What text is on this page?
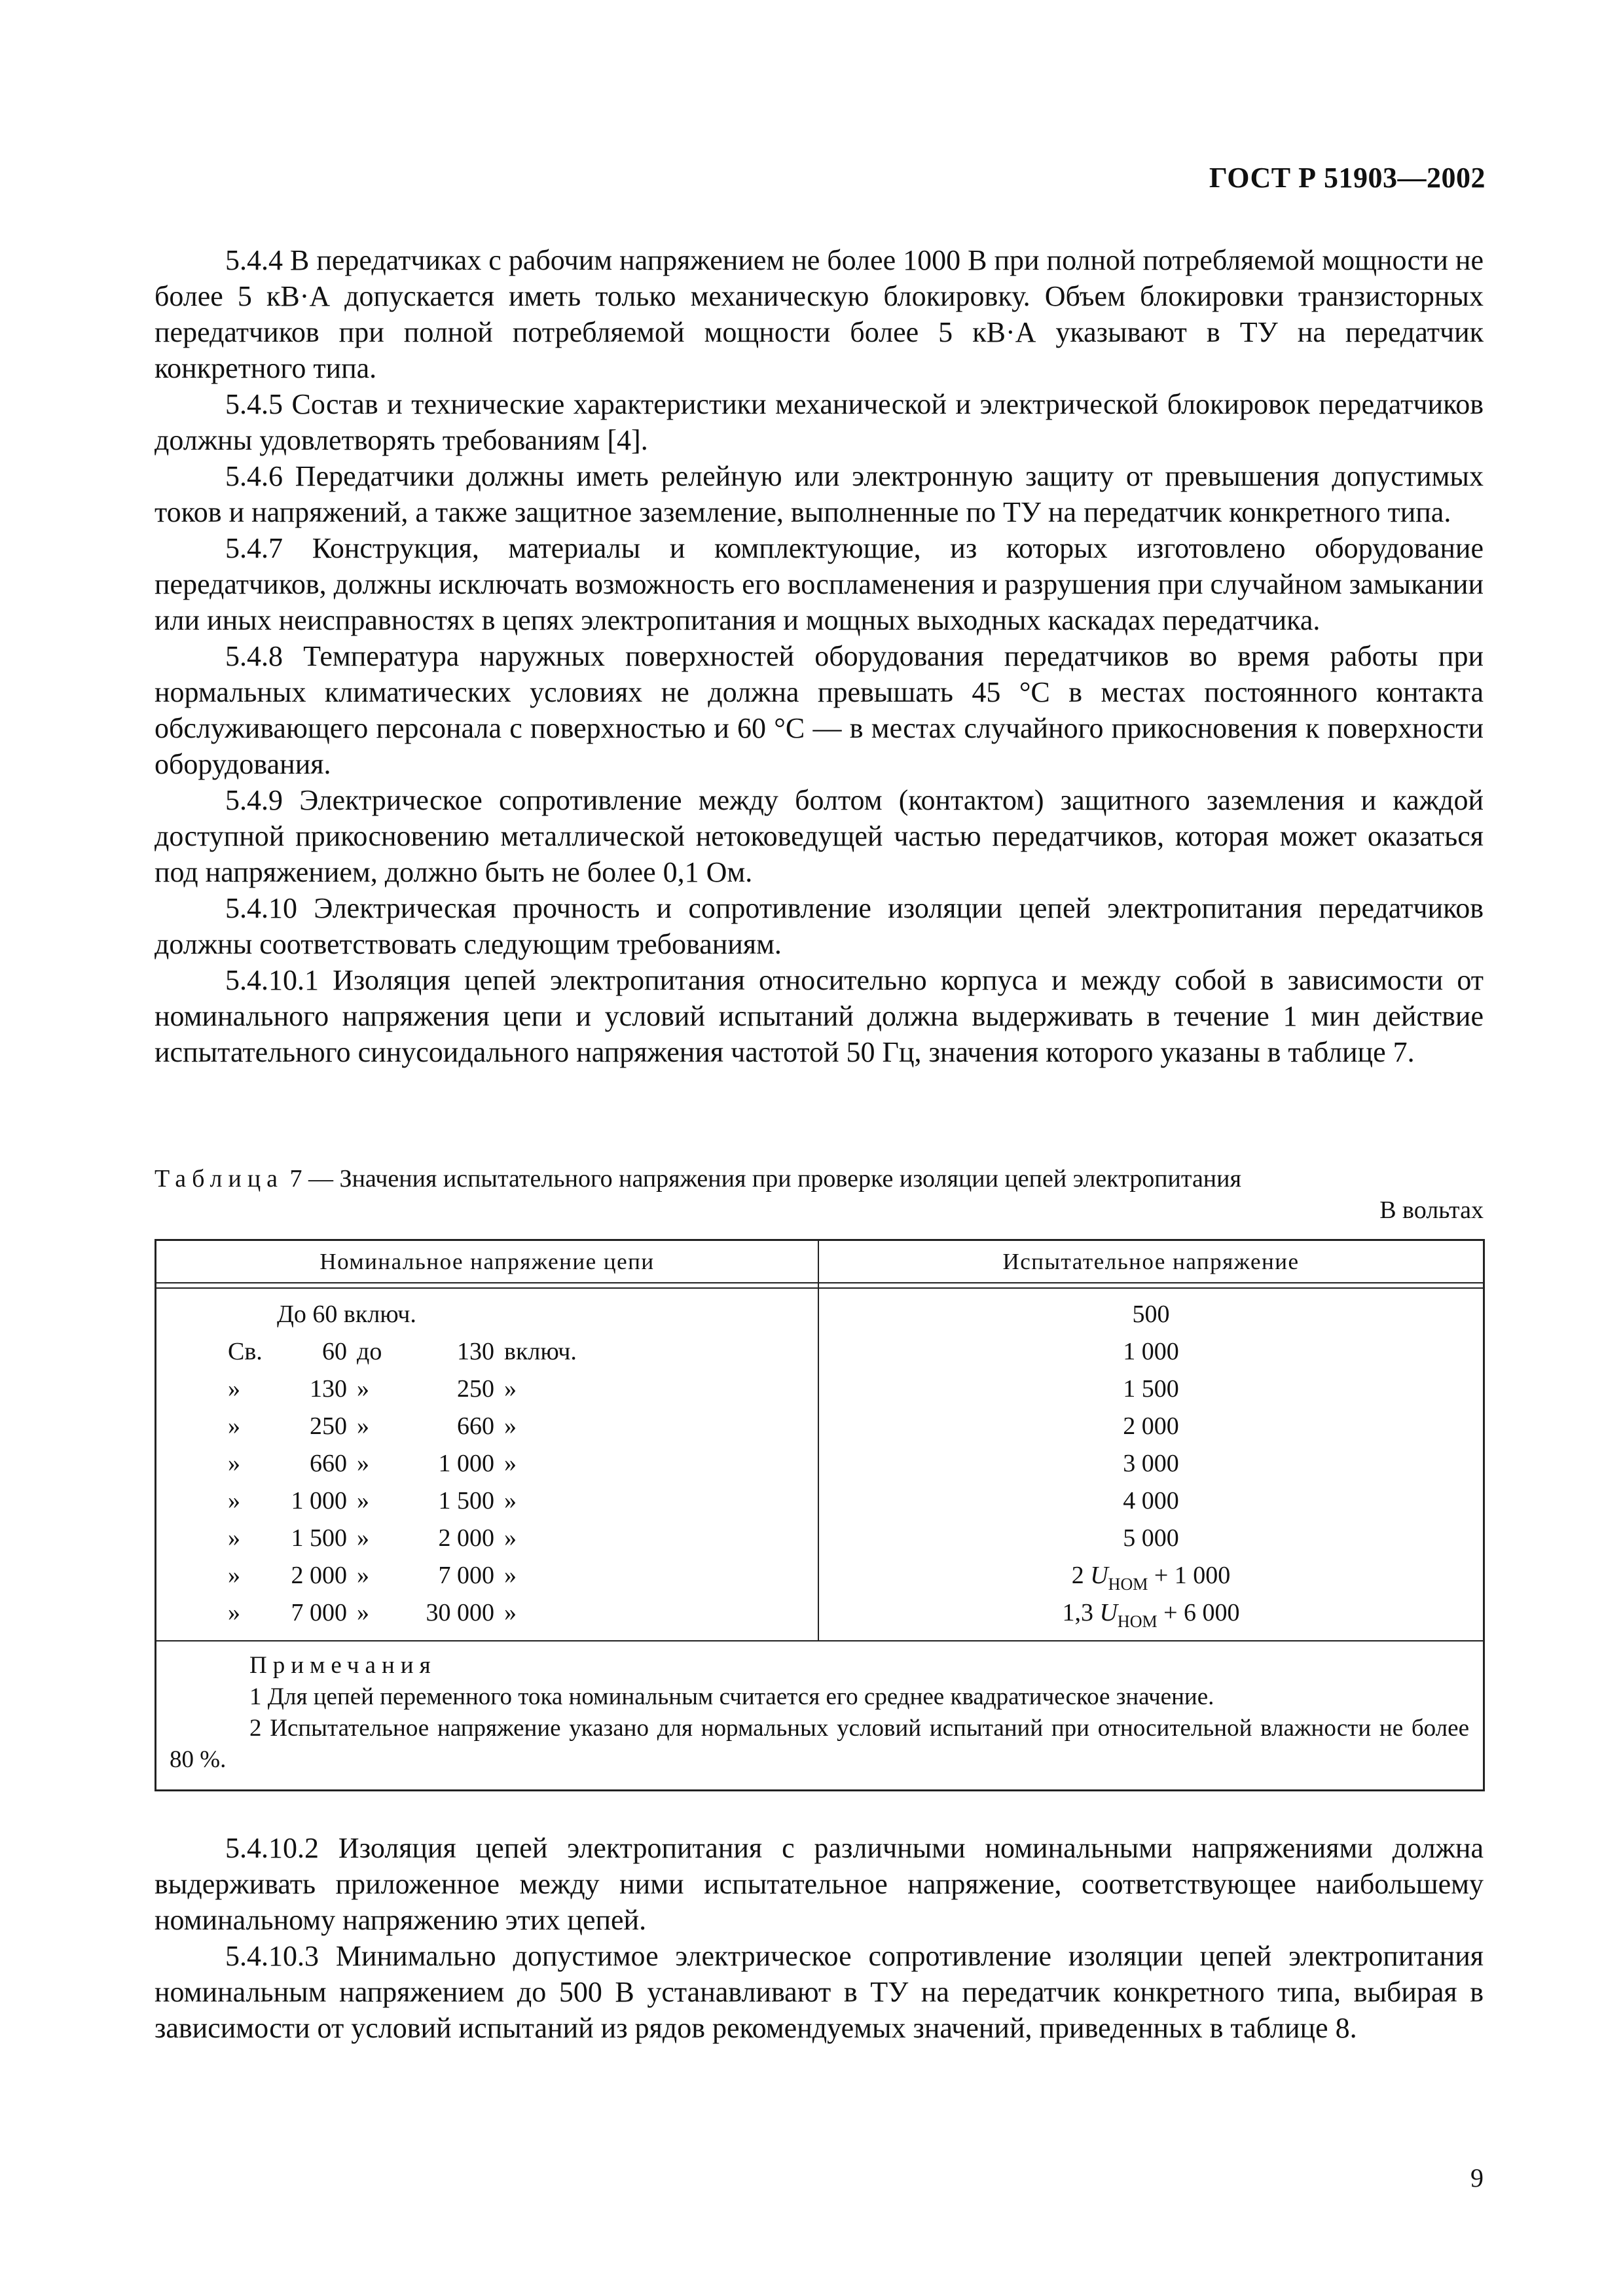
ГОСТ Р 51903—2002

5.4.4 В передатчиках с рабочим напряжением не более 1000 В при полной потребляемой мощности не более 5 кВ·А допускается иметь только механическую блокировку. Объем блокировки транзисторных передатчиков при полной потребляемой мощности более 5 кВ·А указывают в ТУ на передатчик конкретного типа.

5.4.5 Состав и технические характеристики механической и электрической блокировок передатчиков должны удовлетворять требованиям [4].

5.4.6 Передатчики должны иметь релейную или электронную защиту от превышения допустимых токов и напряжений, а также защитное заземление, выполненные по ТУ на передатчик конкретного типа.

5.4.7 Конструкция, материалы и комплектующие, из которых изготовлено оборудование передатчиков, должны исключать возможность его воспламенения и разрушения при случайном замыкании или иных неисправностях в цепях электропитания и мощных выходных каскадах передатчика.

5.4.8 Температура наружных поверхностей оборудования передатчиков во время работы при нормальных климатических условиях не должна превышать 45 °С в местах постоянного контакта обслуживающего персонала с поверхностью и 60 °С — в местах случайного прикосновения к поверхности оборудования.

5.4.9 Электрическое сопротивление между болтом (контактом) защитного заземления и каждой доступной прикосновению металлической нетоковедущей частью передатчиков, которая может оказаться под напряжением, должно быть не более 0,1 Ом.

5.4.10 Электрическая прочность и сопротивление изоляции цепей электропитания передатчиков должны соответствовать следующим требованиям.

5.4.10.1 Изоляция цепей электропитания относительно корпуса и между собой в зависимости от номинального напряжения цепи и условий испытаний должна выдерживать в течение 1 мин действие испытательного синусоидального напряжения частотой 50 Гц, значения которого указаны в таблице 7.

Таблица 7 — Значения испытательного напряжения при проверке изоляции цепей электропитания
В вольтах
Номинальное напряжение цепи	Испытательное напряжение
До 60 включ.	500
Св.	60 до	130 включ.	1 000
»	130 »	250 »	1 500
»	250 »	660 »	2 000
»	660 »	1 000 »	3 000
»	1 000 »	1 500 »	4 000
»	1 500 »	2 000 »	5 000
»	2 000 »	7 000 »	2 $U_{НОМ} + 1$ 000
»	7 000 »	30 000 »	1,3 $U_{НОМ} + 6$ 000
Примечания
1 Для цепей переменного тока номинальным считается его среднее квадратическое значение.
2 Испытательное напряжение указано для нормальных условий испытаний при относительной влажности не более 80 %.

5.4.10.2 Изоляция цепей электропитания с различными номинальными напряжениями должна выдерживать приложенное между ними испытательное напряжение, соответствующее наибольшему номинальному напряжению этих цепей.

5.4.10.3 Минимально допустимое электрическое сопротивление изоляции цепей электропитания номинальным напряжением до 500 В устанавливают в ТУ на передатчик конкретного типа, выбирая в зависимости от условий испытаний из рядов рекомендуемых значений, приведенных в таблице 8.

9
